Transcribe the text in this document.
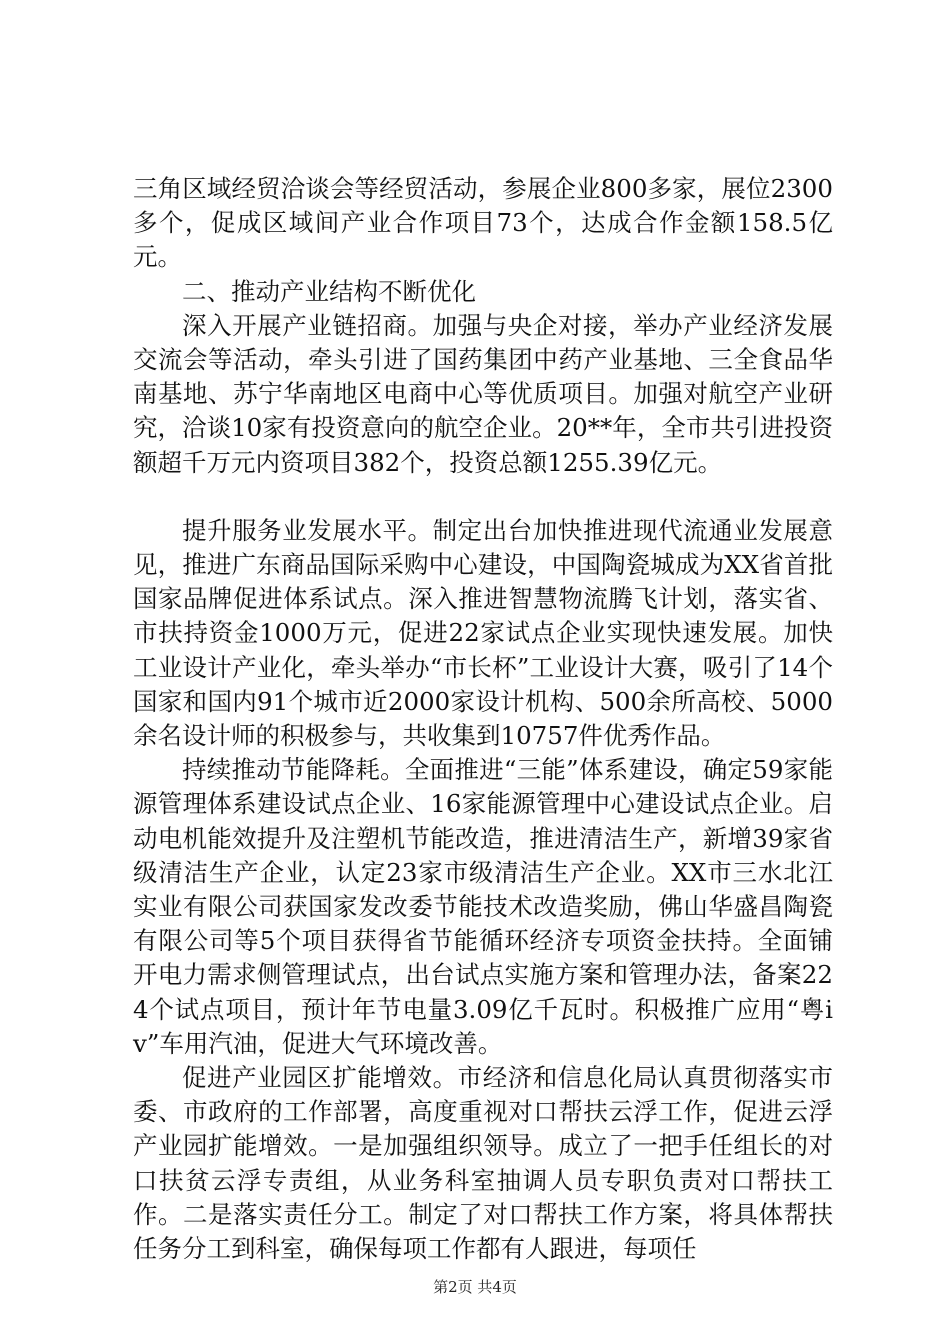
三角区域经贸洽谈会等经贸活动，参展企业800多家，展位2300多个，促成区域间产业合作项目73个，达成合作金额158.5亿元。

二、推动产业结构不断优化

深入开展产业链招商。加强与央企对接，举办产业经济发展交流会等活动，牵头引进了国药集团中药产业基地、三全食品华南基地、苏宁华南地区电商中心等优质项目。加强对航空产业研究，洽谈10家有投资意向的航空企业。20**年，全市共引进投资额超千万元内资项目382个，投资总额1255.39亿元。

提升服务业发展水平。制定出台加快推进现代流通业发展意见，推进广东商品国际采购中心建设，中国陶瓷城成为XX省首批国家品牌促进体系试点。深入推进智慧物流腾飞计划，落实省、市扶持资金1000万元，促进22家试点企业实现快速发展。加快工业设计产业化，牵头举办“市长杯”工业设计大赛，吸引了14个国家和国内91个城市近2000家设计机构、500余所高校、5000余名设计师的积极参与，共收集到10757件优秀作品。

持续推动节能降耗。全面推进“三能”体系建设，确定59家能源管理体系建设试点企业、16家能源管理中心建设试点企业。启动电机能效提升及注塑机节能改造，推进清洁生产，新增39家省级清洁生产企业，认定23家市级清洁生产企业。XX市三水北江实业有限公司获国家发改委节能技术改造奖励，佛山华盛昌陶瓷有限公司等5个项目获得省节能循环经济专项资金扶持。全面铺开电力需求侧管理试点，出台试点实施方案和管理办法，备案224个试点项目，预计年节电量3.09亿千瓦时。积极推广应用“粤iv”车用汽油，促进大气环境改善。

促进产业园区扩能增效。市经济和信息化局认真贯彻落实市委、市政府的工作部署，高度重视对口帮扶云浮工作，促进云浮产业园扩能增效。一是加强组织领导。成立了一把手任组长的对口扶贫云浮专责组，从业务科室抽调人员专职负责对口帮扶工作。二是落实责任分工。制定了对口帮扶工作方案，将具体帮扶任务分工到科室，确保每项工作都有人跟进，每项任

第2页 共4页
